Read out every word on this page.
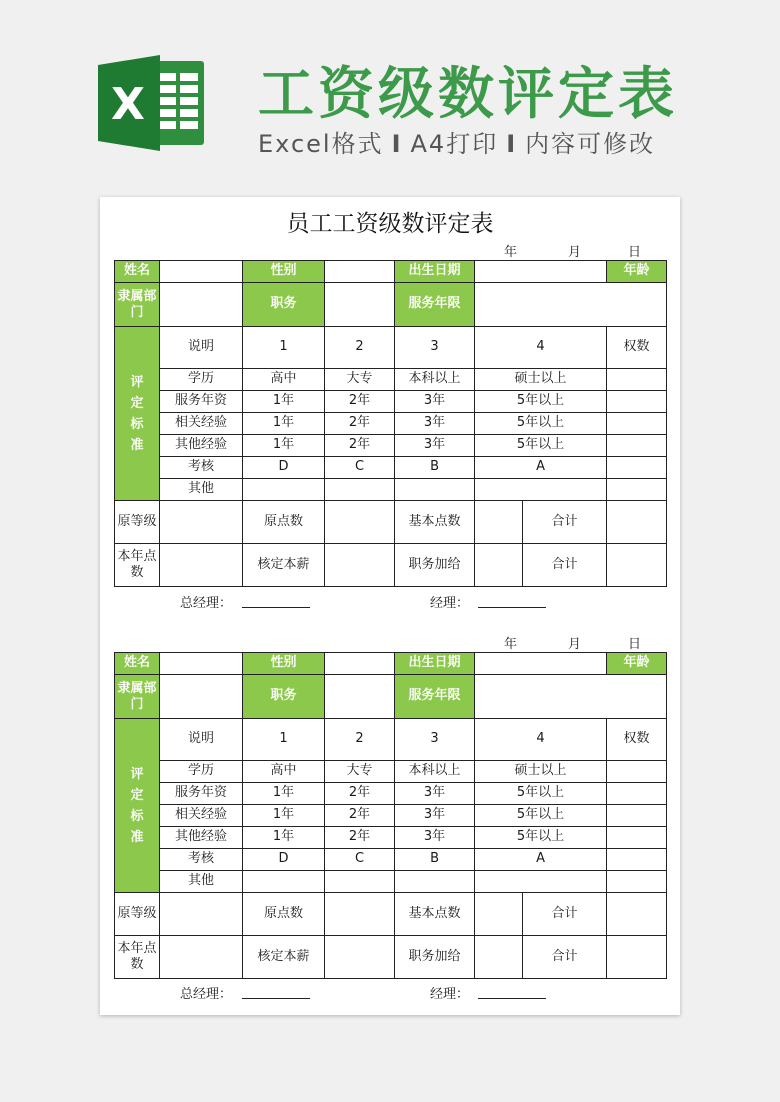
X 工资级数评定表
Excel格式 I A4打印 I 内容可修改
员工工资级数评定表
年	月	日
姓名		性别		出生日期			年龄	
隶属部门		职务		服务年限				
评定标准	说明	1	2	3	4		权数	
	学历	高中	大专	本科以上	硕士以上			
	服务年资	1年	2年	3年	5年以上			
	相关经验	1年	2年	3年	5年以上			
	其他经验	1年	2年	3年	5年以上			
	考核	D	C	B	A			
	其他							
原等级		原点数		基本点数		合计		
本年点数		核定本薪		职务加给		合计		
总经理：	经理：
年	月	日
姓名		性别		出生日期			年龄	
隶属部门		职务		服务年限				
评定标准	说明	1	2	3	4		权数	
	学历	高中	大专	本科以上	硕士以上			
	服务年资	1年	2年	3年	5年以上			
	相关经验	1年	2年	3年	5年以上			
	其他经验	1年	2年	3年	5年以上			
	考核	D	C	B	A			
	其他							
原等级		原点数		基本点数		合计		
本年点数		核定本薪		职务加给		合计		
总经理：	经理：
